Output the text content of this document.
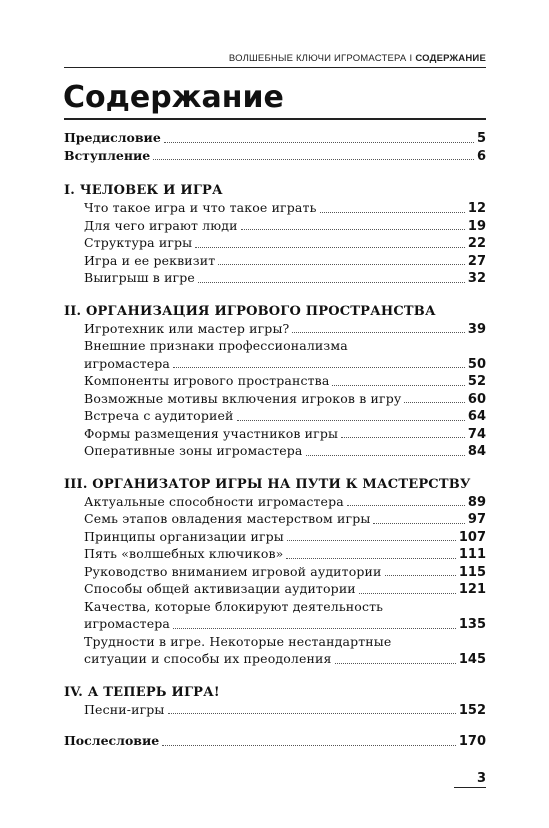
ВОЛШЕБНЫЕ КЛЮЧИ ИГРОМАСТЕРА I СОДЕРЖАНИЕ
Содержание
Предисловие	5
Вступление	6
I. ЧЕЛОВЕК И ИГРА
Что такое игра и что такое играть	12
Для чего играют люди	19
Структура игры	22
Игра и ее реквизит	27
Выигрыш в игре	32
II. ОРГАНИЗАЦИЯ ИГРОВОГО ПРОСТРАНСТВА
Игротехник или мастер игры?	39
Внешние признаки профессионализма
игромастера	50
Компоненты игрового пространства	52
Возможные мотивы включения игроков в игру	60
Встреча с аудиторией	64
Формы размещения участников игры	74
Оперативные зоны игромастера	84
III. ОРГАНИЗАТОР ИГРЫ НА ПУТИ К МАСТЕРСТВУ
Актуальные способности игромастера	89
Семь этапов овладения мастерством игры	97
Принципы организации игры	107
Пять «волшебных ключиков»	111
Руководство вниманием игровой аудитории	115
Способы общей активизации аудитории	121
Качества, которые блокируют деятельность
игромастера	135
Трудности в игре. Некоторые нестандартные
ситуации и способы их преодоления	145
IV. А ТЕПЕРЬ ИГРА!
Песни-игры	152
Послесловие	170
3
